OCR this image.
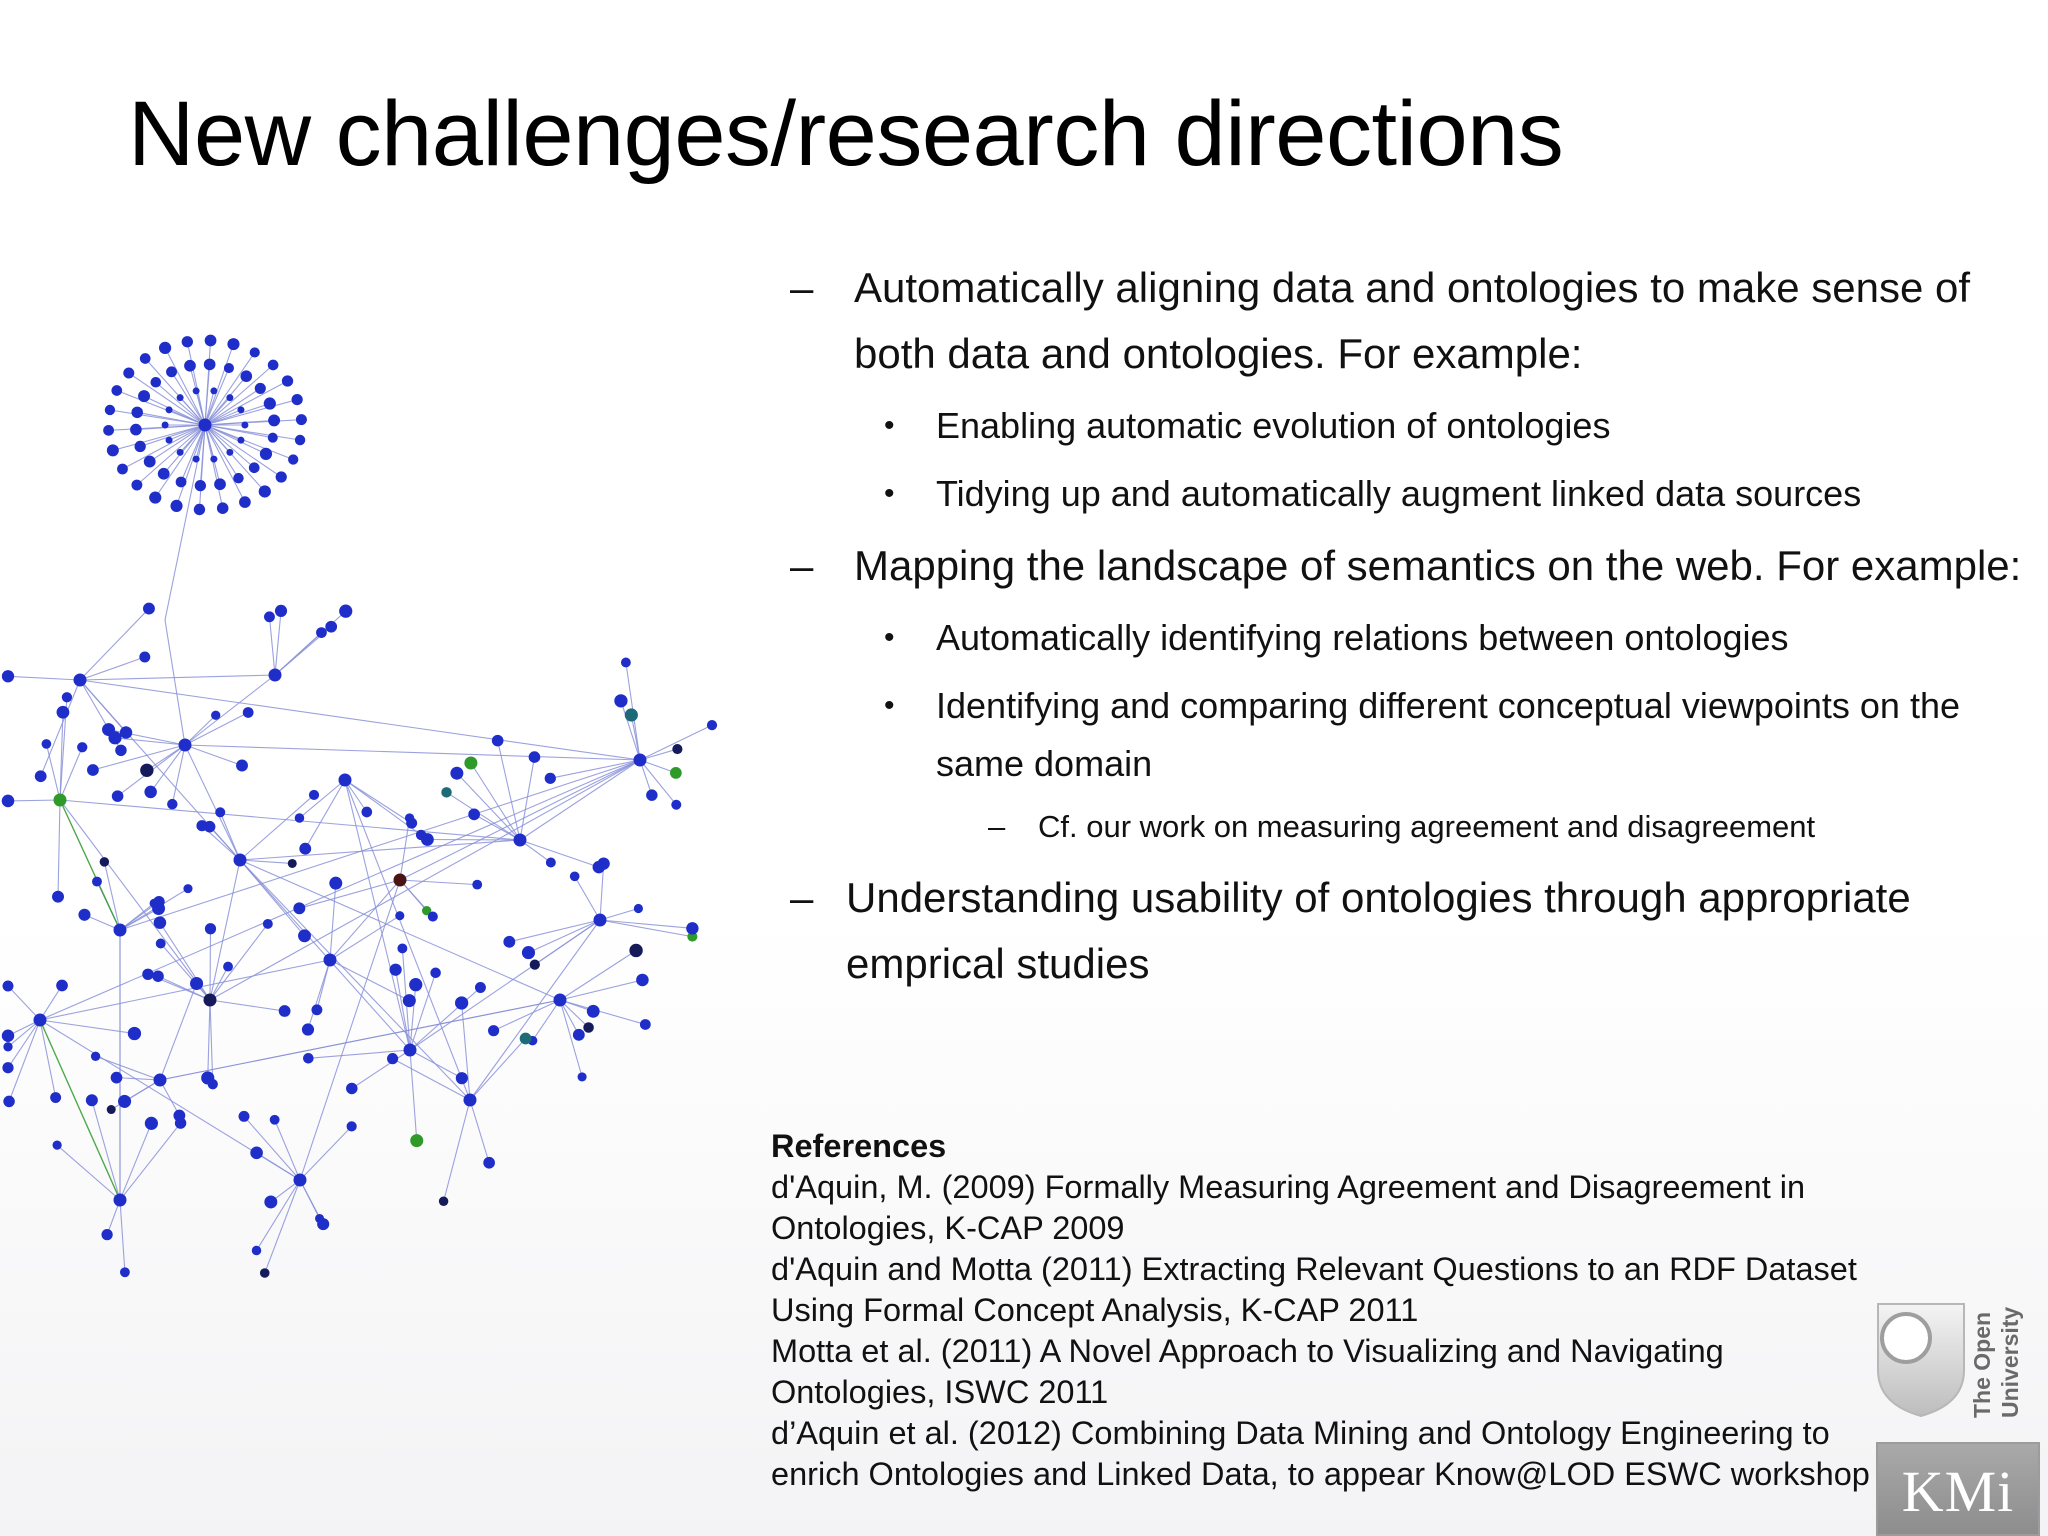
New challenges/research directions
– Automatically aligning data and ontologies to make sense of both data and ontologies. For example:
• Enabling automatic evolution of ontologies
• Tidying up and automatically augment linked data sources
– Mapping the landscape of semantics on the web. For example:
• Automatically identifying relations between ontologies
• Identifying and comparing different conceptual viewpoints on the same domain
– Cf. our work on measuring agreement and disagreement
– Understanding usability of ontologies through appropriate emprical studies
References
d'Aquin, M. (2009) Formally Measuring Agreement and Disagreement in Ontologies, K-CAP 2009
d'Aquin and Motta (2011) Extracting Relevant Questions to an RDF Dataset Using Formal Concept Analysis, K-CAP 2011
Motta et al. (2011) A Novel Approach to Visualizing and Navigating Ontologies, ISWC 2011
d’Aquin et al. (2012) Combining Data Mining and Ontology Engineering to enrich Ontologies and Linked Data, to appear Know@LOD ESWC workshop
The Open University
KMi
